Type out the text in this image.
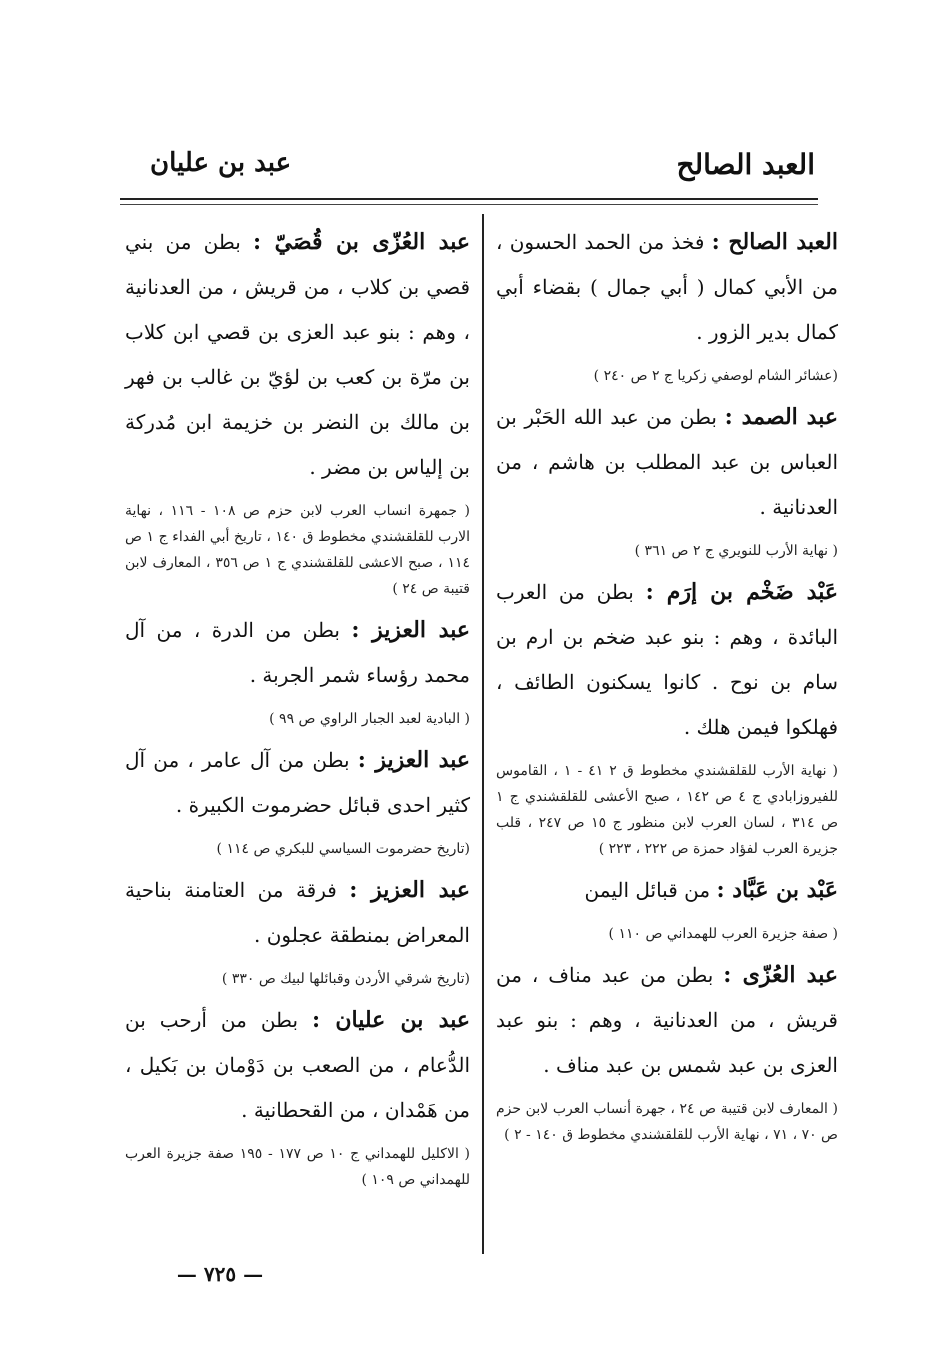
العبد الصالح
عبد بن عليان
العبد الصالح : فخذ من الحمد الحسون ، من الأبي كمال ( أبي جمال ) بقضاء أبي كمال بدير الزور .
(عشائر الشام لوصفي زكريا ج ٢ ص ٢٤٠ )
عبد الصمد : بطن من عبد الله الحَبْر بن العباس بن عبد المطلب بن هاشم ، من العدنانية .
( نهاية الأرب للنويري ج ٢ ص ٣٦١ )
عَبْد ضَخْم بن إرَم : بطن من العرب البائدة ، وهم : بنو عبد ضخم بن ارم بن سام بن نوح . كانوا يسكنون الطائف ، فهلكوا فيمن هلك .
( نهاية الأرب للقلقشندي مخطوط ق ٢ ٤١ - ١ ، القاموس للفيروزابادي ج ٤ ص ١٤٢ ، صبح الأعشى للقلقشندي ج ١ ص ٣١٤ ، لسان العرب لابن منظور ج ١٥ ص ٢٤٧ ، قلب جزيرة العرب لفؤاد حمزة ص ٢٢٢ ، ٢٢٣ )
عَبْد بن عَبَّاد : من قبائل اليمن
( صفة جزيرة العرب للهمداني ص ١١٠ )
عبد العُزّى : بطن من عبد مناف ، من قريش ، من العدنانية ، وهم : بنو عبد العزى بن عبد شمس بن عبد مناف .
( المعارف لابن قتيبة ص ٢٤ ، جهرة أنساب العرب لابن حزم ص ٧٠ ، ٧١ ، نهاية الأرب للقلقشندي مخطوط ق ١٤٠ - ٢ )
عبد العُزّى بن قُصَيّ : بطن من بني قصي بن كلاب ، من قريش ، من العدنانية ، وهم : بنو عبد العزى بن قصي ابن كلاب بن مرّة بن كعب بن لؤيّ بن غالب بن فهر بن مالك بن النضر بن خزيمة ابن مُدركة بن إلياس بن مضر .
( جمهرة انساب العرب لابن حزم ص ١٠٨ - ١١٦ ، نهاية الارب للقلقشندي مخطوط ق ١٤٠ ، تاريخ أبي الفداء ج ١ ص ١١٤ ، صبح الاعشى للقلقشندي ج ١ ص ٣٥٦ ، المعارف لابن قتيبة ص ٢٤ )
عبد العزيز : بطن من الدرة ، من آل محمد رؤساء شمر الجربة .
( البادية لعبد الجبار الراوي ص ٩٩ )
عبد العزيز : بطن من آل عامر ، من آل كثير احدى قبائل حضرموت الكبيرة .
(تاريخ حضرموت السياسي للبكري ص ١١٤ )
عبد العزيز : فرقة من العتامنة بناحية المعراض بمنطقة عجلون .
(تاريخ شرقي الأردن وقبائلها لبيك ص ٣٣٠ )
عبد بن عليان : بطن من أرحب بن الدُّعام ، من الصعب بن دَوْمان بن بَكيل ، من هَمْدان ، من القحطانية .
( الاكليل للهمداني ج ١٠ ص ١٧٧ - ١٩٥ صفة جزيرة العرب للهمداني ص ١٠٩ )
— ٧٢٥ —
